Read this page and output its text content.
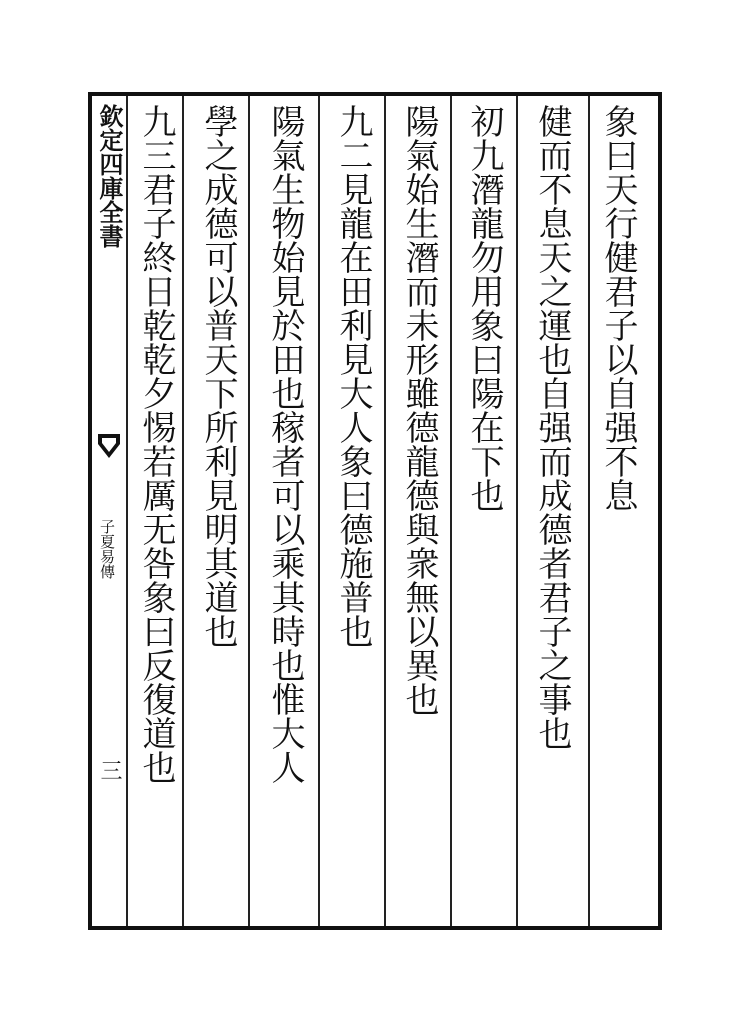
欽定四庫全書
子夏易傳
三
象曰天行健君子以自强不息
健而不息天之運也自强而成德者君子之事也
初九潛龍勿用象曰陽在下也
陽氣始生潛而未形雖德龍德與衆無以異也
九二見龍在田利見大人象曰德施普也
陽氣生物始見於田也稼者可以乘其時也惟大人
學之成德可以普天下所利見明其道也
九三君子終日乾乾夕惕若厲无咎象曰反復道也
